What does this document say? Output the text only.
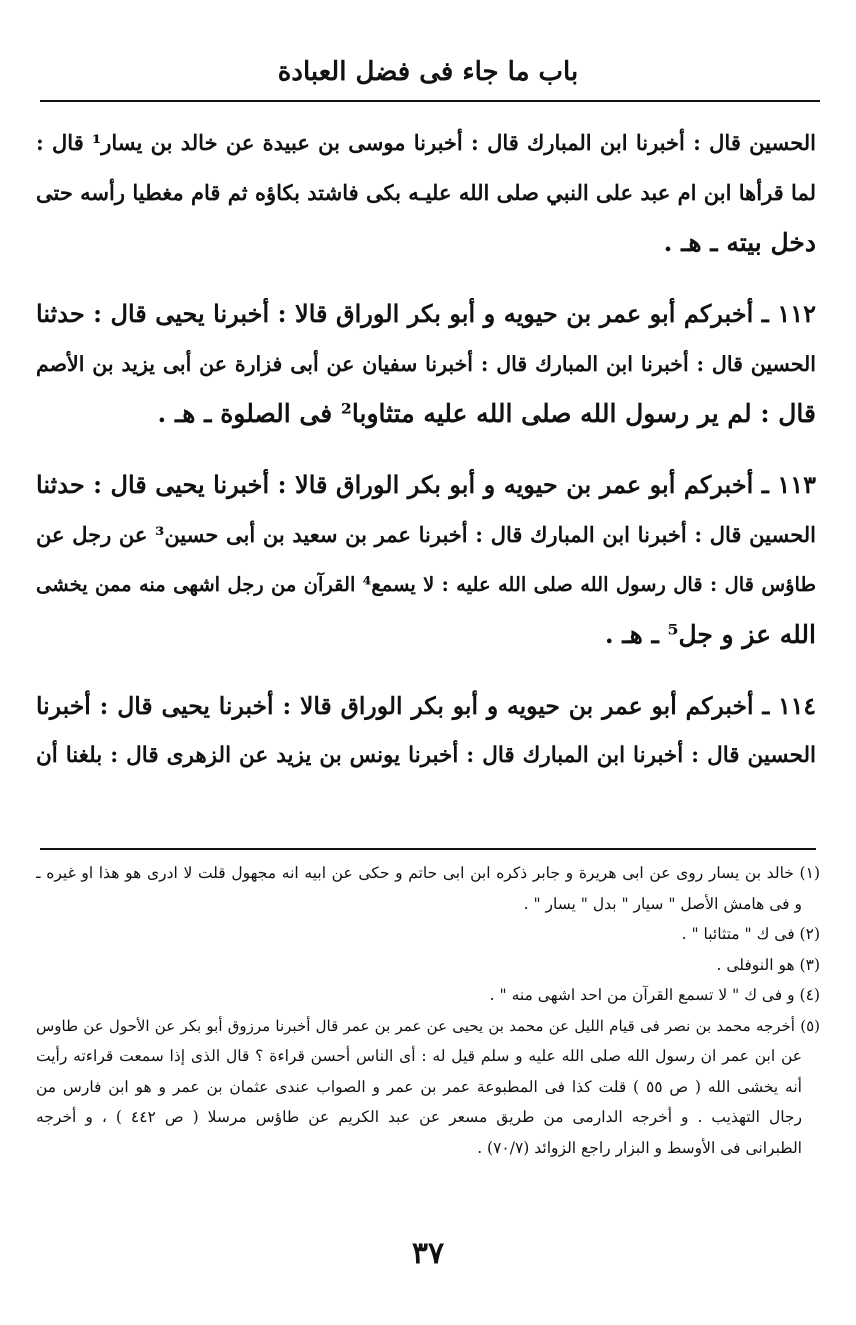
باب ما جاء فى فضل العبادة
الحسين قال : أخبرنا ابن المبارك قال : أخبرنا موسى بن عبيدة عن خالد بن يسار¹ قال :
لما قرأها ابن ام عبد على النبي صلى الله عليـه بكى فاشتد بكاؤه ثم قام مغطيا رأسه حتى
دخل بيته ـ هـ .
١١٢ ـ أخبركم أبو عمر بن حيويه و أبو بكر الوراق قالا : أخبرنا يحيى قال : حدثنا
الحسين قال : أخبرنا ابن المبارك قال : أخبرنا سفيان عن أبى فزارة عن أبى يزيد بن الأصم
قال : لم ير رسول الله صلى الله عليه متثاوبا² فى الصلوة ـ هـ .
١١٣ ـ أخبركم أبو عمر بن حيويه و أبو بكر الوراق قالا : أخبرنا يحيى قال : حدثنا
الحسين قال : أخبرنا ابن المبارك قال : أخبرنا عمر بن سعيد بن أبى حسين³ عن رجل عن
طاؤس قال : قال رسول الله صلى الله عليه : لا يسمع⁴ القرآن من رجل اشهى منه ممن يخشى
الله عز و جل⁵ ـ هـ .
١١٤ ـ أخبركم أبو عمر بن حيويه و أبو بكر الوراق قالا : أخبرنا يحيى قال : أخبرنا
الحسين قال : أخبرنا ابن المبارك قال : أخبرنا يونس بن يزيد عن الزهرى قال : بلغنا أن
(١) خالد بن يسار روى عن ابى هريرة و جابر ذكره ابن ابى حاتم و حكى عن ابيه انه مجهول قلت لا ادرى هو هذا او غيره ـ
و فى هامش الأصل " سيار " بدل " يسار " .
(٢) فى ك " متثائبا " .
(٣) هو النوفلى .
(٤) و فى ك " لا تسمع القرآن من احد اشهى منه " .
(٥) أخرجه محمد بن نصر فى قيام الليل عن محمد بن يحيى عن عمر بن عمر قال أخبرنا مرزوق أبو بكر عن الأحول عن طاوس
عن ابن عمر ان رسول الله صلى الله عليه و سلم قيل له : أى الناس أحسن قراءة ؟ قال الذى إذا سمعت قراءته رأيت
أنه يخشى الله ( ص ٥٥ ) قلت كذا فى المطبوعة عمر بن عمر و الصواب عندى عثمان بن عمر و هو ابن فارس من
رجال التهذيب . و أخرجه الدارمى من طريق مسعر عن عبد الكريم عن طاؤس مرسلا ( ص ٤٤٢ ) ، و أخرجه
الطبرانى فى الأوسط و البزار راجع الزوائد (٧٠/٧) .
٣٧
